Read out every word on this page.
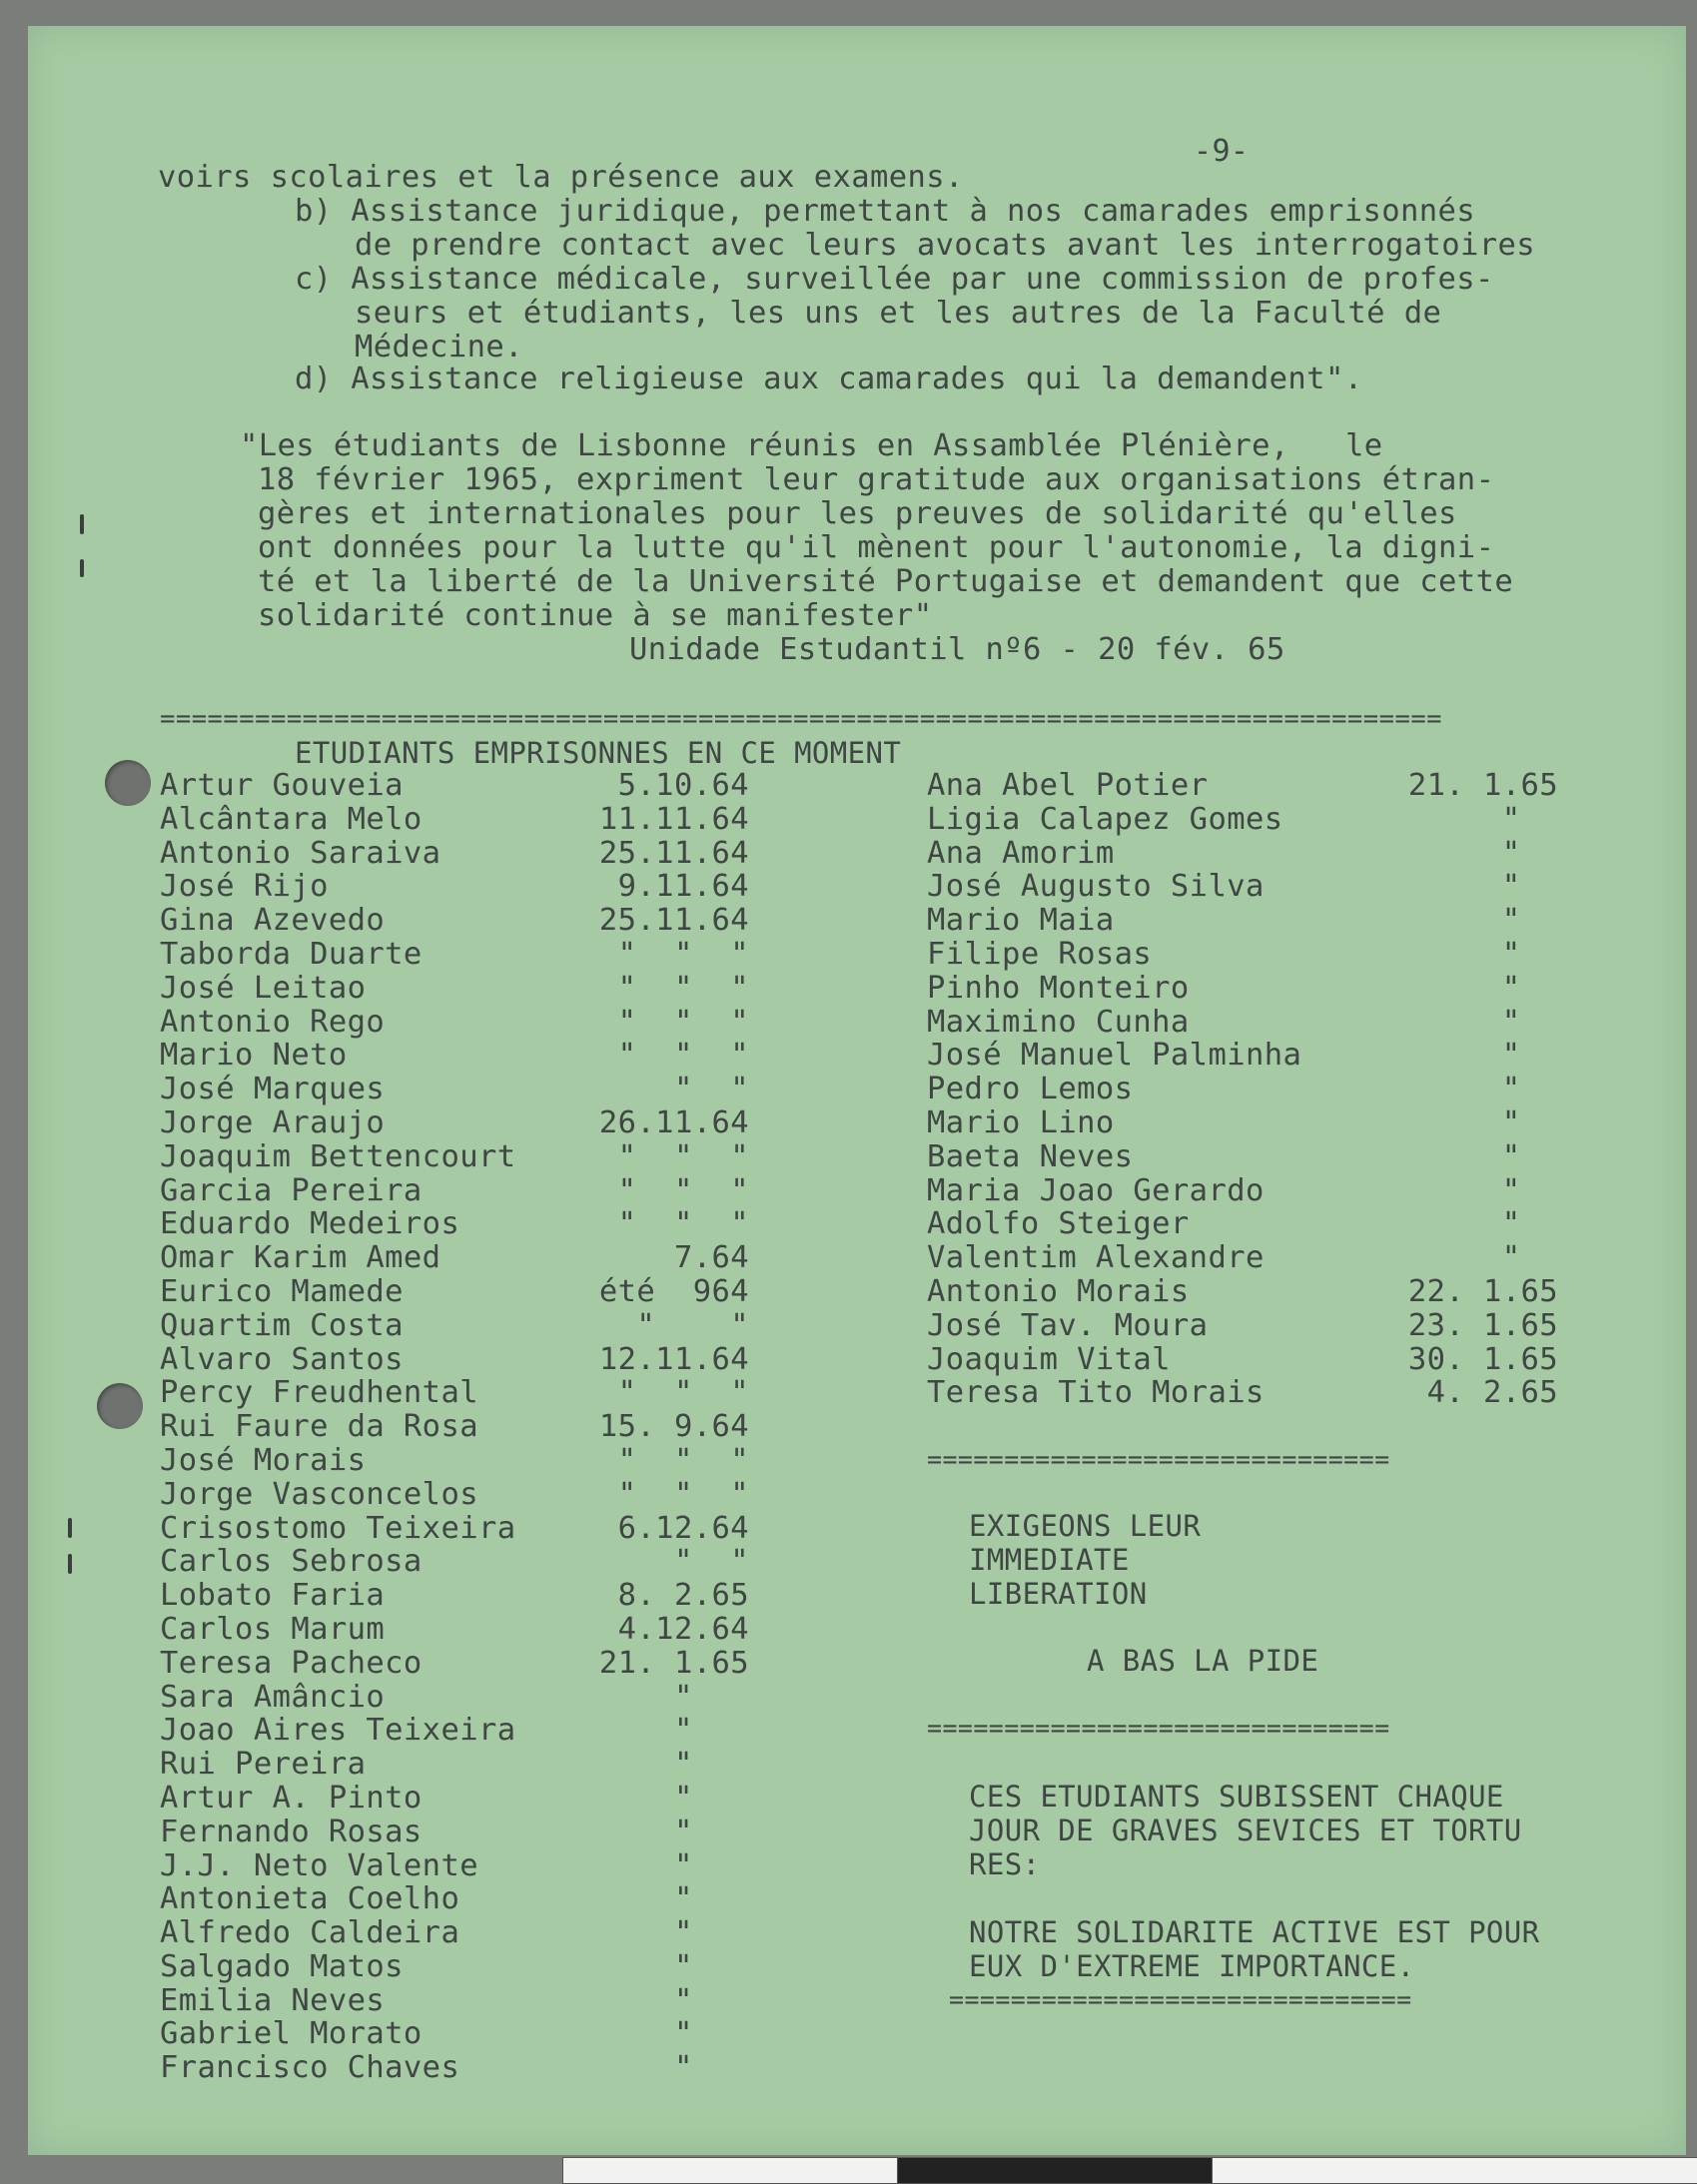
-9-
voirs scolaires et la présence aux examens.
b) Assistance juridique, permettant à nos camarades emprisonnés
de prendre contact avec leurs avocats avant les interrogatoires
c) Assistance médicale, surveillée par une commission de profes-
seurs et étudiants, les uns et les autres de la Faculté de
Médecine.
d) Assistance religieuse aux camarades qui la demandent".
"Les étudiants de Lisbonne réunis en Assamblée Plénière,   le
18 février 1965, expriment leur gratitude aux organisations étran-
gères et internationales pour les preuves de solidarité qu'elles
ont données pour la lutte qu'il mènent pour l'autonomie, la digni-
té et la liberté de la Université Portugaise et demandent que cette
solidarité continue à se manifester"
Unidade Estudantil nº6 - 20 fév. 65
=================================================================================
ETUDIANTS EMPRISONNES EN CE MOMENT
Artur Gouveia	5.10.64
Alcântara Melo	11.11.64
Antonio Saraiva	25.11.64
José Rijo	9.11.64
Gina Azevedo	25.11.64
Taborda Duarte	"  "  "
José Leitao	"  "  "
Antonio Rego	"  "  "
Mario Neto	"  "  "
José Marques	"  "
Jorge Araujo	26.11.64
Joaquim Bettencourt	"  "  "
Garcia Pereira	"  "  "
Eduardo Medeiros	"  "  "
Omar Karim Amed	7.64
Eurico Mamede	été  964
Quartim Costa	"    "
Alvaro Santos	12.11.64
Percy Freudhental	"  "  "
Rui Faure da Rosa	15. 9.64
José Morais	"  "  "
Jorge Vasconcelos	"  "  "
Crisostomo Teixeira	6.12.64
Carlos Sebrosa	"  "
Lobato Faria	8. 2.65
Carlos Marum	4.12.64
Teresa Pacheco	21. 1.65
Sara Amâncio	"
Joao Aires Teixeira	"
Rui Pereira	"
Artur A. Pinto	"
Fernando Rosas	"
J.J. Neto Valente	"
Antonieta Coelho	"
Alfredo Caldeira	"
Salgado Matos	"
Emilia Neves	"
Gabriel Morato	"
Francisco Chaves	"
Ana Abel Potier	21. 1.65
Ligia Calapez Gomes	"
Ana Amorim	"
José Augusto Silva	"
Mario Maia	"
Filipe Rosas	"
Pinho Monteiro	"
Maximino Cunha	"
José Manuel Palminha	"
Pedro Lemos	"
Mario Lino	"
Baeta Neves	"
Maria Joao Gerardo	"
Adolfo Steiger	"
Valentim Alexandre	"
Antonio Morais	22. 1.65
José Tav. Moura	23. 1.65
Joaquim Vital	30. 1.65
Teresa Tito Morais	4. 2.65
==============================
EXIGEONS LEUR
IMMEDIATE
LIBERATION
A BAS LA PIDE
==============================
CES ETUDIANTS SUBISSENT CHAQUE
JOUR DE GRAVES SEVICES ET TORTU
RES:
NOTRE SOLIDARITE ACTIVE EST POUR
EUX D'EXTREME IMPORTANCE.
==============================
